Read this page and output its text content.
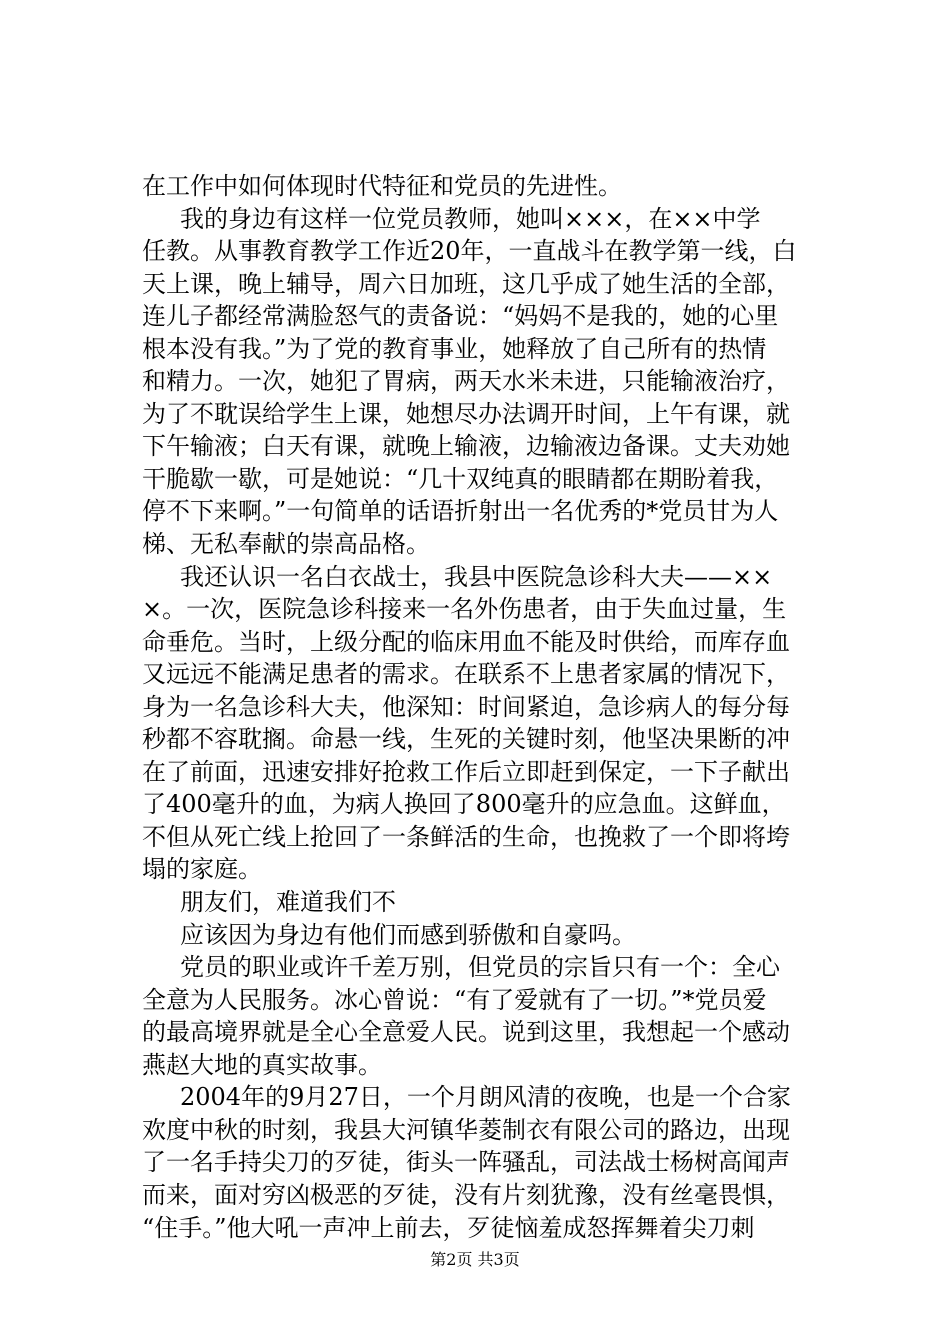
在工作中如何体现时代特征和党员的先进性。
我的身边有这样一位党员教师，她叫×××，在××中学
任教。从事教育教学工作近20年，一直战斗在教学第一线，白
天上课，晚上辅导，周六日加班，这几乎成了她生活的全部，
连儿子都经常满脸怒气的责备说：“妈妈不是我的，她的心里
根本没有我。”为了党的教育事业，她释放了自己所有的热情
和精力。一次，她犯了胃病，两天水米未进，只能输液治疗，
为了不耽误给学生上课，她想尽办法调开时间，上午有课，就
下午输液；白天有课，就晚上输液，边输液边备课。丈夫劝她
干脆歇一歇，可是她说：“几十双纯真的眼睛都在期盼着我，
停不下来啊。”一句简单的话语折射出一名优秀的*党员甘为人
梯、无私奉献的崇高品格。
我还认识一名白衣战士，我县中医院急诊科大夫——××
×。一次，医院急诊科接来一名外伤患者，由于失血过量，生
命垂危。当时，上级分配的临床用血不能及时供给，而库存血
又远远不能满足患者的需求。在联系不上患者家属的情况下，
身为一名急诊科大夫，他深知：时间紧迫，急诊病人的每分每
秒都不容耽搁。命悬一线，生死的关键时刻，他坚决果断的冲
在了前面，迅速安排好抢救工作后立即赶到保定，一下子献出
了400毫升的血，为病人换回了800毫升的应急血。这鲜血，
不但从死亡线上抢回了一条鲜活的生命，也挽救了一个即将垮
塌的家庭。
朋友们，难道我们不
应该因为身边有他们而感到骄傲和自豪吗。
党员的职业或许千差万别，但党员的宗旨只有一个：全心
全意为人民服务。冰心曾说：“有了爱就有了一切。”*党员爱
的最高境界就是全心全意爱人民。说到这里，我想起一个感动
燕赵大地的真实故事。
2004年的9月27日，一个月朗风清的夜晚，也是一个合家
欢度中秋的时刻，我县大河镇华菱制衣有限公司的路边，出现
了一名手持尖刀的歹徒，街头一阵骚乱，司法战士杨树高闻声
而来，面对穷凶极恶的歹徒，没有片刻犹豫，没有丝毫畏惧，
“住手。”他大吼一声冲上前去，歹徒恼羞成怒挥舞着尖刀刺
第2页 共3页
